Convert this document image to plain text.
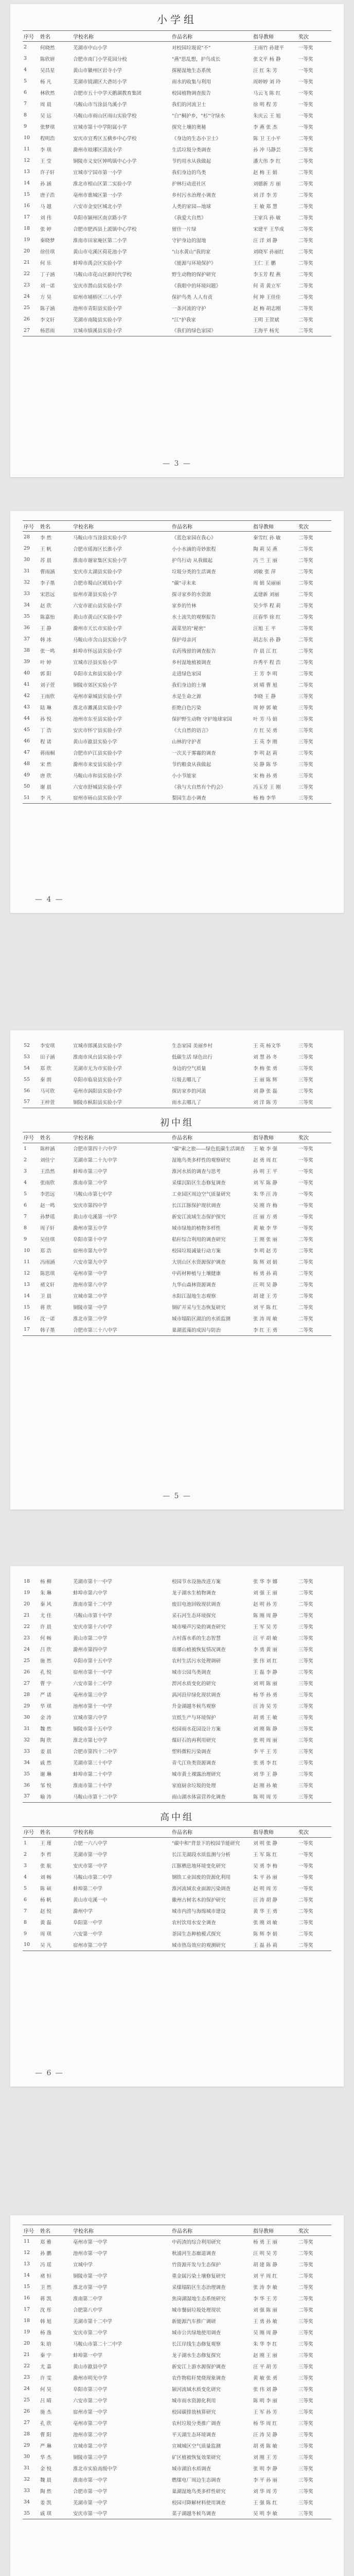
小学组
序号	姓名	学校名称	作品名称	指导教师	奖次
2	何晓然	芜湖市中山小学	对校园垃圾说"不"	王雨竹 孙建平	一等奖
3	陈欣妍	合肥市南门小学花园分校	"燕"思乱想，护鸟成长	张文平 杨 静	一等奖
4	吴昌星	黄山市徽州区岩寺小学	探秘湿地生态系统	汪 红 朱 芳	一等奖
5	杨 凡	芜湖市镜湖区大砻坊小学	雨水的收集与利用	周婷婷 刘 玲	一等奖
6	林欣然	合肥市五十中学天鹅湖教育集团	校园植物调查报告	马云飞 陈 红	一等奖
7	周 晨	马鞍山市当涂县乌溪小学	我们的河流卫士	徐 明 程 芳	一等奖
8	吴 远	马鞍山市雨山区雨山实验学校	"白"桐护乡，"杉"守绿水	朱庆云 王 旭	一等奖
9	张梦琪	宣城市第十中学附属小学	探究土壤的奥秘	李 燕 张 杰	一等奖
10	程明浩	安庆市宜秀区五横乡中心学校	《身边的生态小卫士》	陈 卫 王小平	二等奖
11	李 琪	滁州市琅琊区清流小学	生活垃圾分类调查	孙 冲 马静芸	二等奖
12	王 莹	铜陵市义安区钟鸣镇中心小学	节约用水从我做起	潘大伟 李 红	二等奖
13	许子轩	宣城市宁国市第一小学	我们身边的鸟类	赵 梅 王 娟	二等奖
14	孙 涵	淮北市相山区第二实验小学	护林行动进社区	刘德新 方 丽	二等奖
15	唐子浩	亳州市谯城区第一小学	乡村污水治理小调查	刘 洋 李 芳	二等奖
16	马 越	六安市金安区城北小学	人类的家园—地球	王 敏 郑 慧	二等奖
17	刘 伟	阜阳市颍州区南京路小学	《我爱大自然》	王家兵 孙 敏	二等奖
18	张 婷	合肥市肥西县上派镇中心学校	留住一片绿	宋建平 王华成	二等奖
19	秦晓梦	淮南市田家庵区第二小学	守护身边的湿地	汪 洋 刘 静	二等奖
20	徐佳琪	黄山市屯溪区荷花池小学	"山水黄山"我的家	刘晓军 孙丽红	二等奖
21	何 乐	蚌埠市禹会区实验小学	《能源与环境保护》	王仁 王 鹏	二等奖
22	丁子涵	马鞍山市花山区新时代学校	野生动物的保护研究	李玉芳 程 燕	二等奖
23	刘一诺	安庆市潜山县实验小学	《我眼中的环境问题》	何 青 黄立军	二等奖
24	方 昊	宿州市埇桥区三八小学	保护鸟类 人人有责	何 坤 王佳佳	二等奖
25	陈子涵	池州市青阳县实验小学	一条河流的守护	赵 梅 胡志刚	二等奖
26	李文轩	芜湖市南陵县实验小学	"江"护我家	王明 王贺斌	二等奖
27	杨思雨	宣城市绩溪县实验小学	《我们的绿色家园》	王海平 杨光	二等奖
— 3 —
序号	姓名	学校名称	作品名称	指导教师	奖次
28	李 然	马鞍山市当涂县实验小学	《蓝色家园在我心》	秦雪红 孙 敏	二等奖
29	王 帆	合肥市瑶海区长淮小学	小小水滴的奇妙旅程	陶 莉 吴 燕	二等奖
30	苏 晨	淮南市谢家集区实验小学	护鸟行动 从我做起	冯 兰 王 丽	二等奖
31	曹雨涵	安庆市太湖县实验小学	垃圾分类的生活调查	刘敏 张 萍	二等奖
32	李子墨	合肥市蜀山区琥珀小学	"碳"寻未来	周 娟 吴丽丽	二等奖
33	宋思远	宿州市萧县实验小学	探寻家乡的水资源	孟建新 刘丽	二等奖
34	赵 欣	六安市霍山县实验小学	家乡的竹林	吴少华 程 莉	二等奖
35	陈嘉怡	黄山市黄山区实验小学	水土流失的观察报告	汪春华 徐 红	二等奖
36	王 静	滁州市天长市实验小学	蔬菜里的"秘密"	汪旭 王 平	二等奖
37	韩 冰	马鞍山市含山县实验小学	保护母亲河	胡志东 孙 静	二等奖
38	张一鸣	蚌埠市怀远县实验小学	农药残留的调查报告	许 晨 江 红	二等奖
39	叶 婷	宣城市泾县实验小学	乡村湿地植被调查	许秀平 程 浩	二等奖
40	郭 阳	阜阳市太和县实验小学	走进绿色家园	王 芳 李 明	二等奖
41	刘子萱	铜陵市郊区实验小学	我们身边的土壤	刘 晴 曹 旭	二等奖
42	王雨欣	亳州市蒙城县实验小学	水是生命之源	李晓 王 静	三等奖
43	陆 琳	淮北市濉溪县实验小学	拒绝白色污染	周 婷 郭 敏	三等奖
44	孙 悦	池州市东至县实验小学	保护野生动物 守护地球家园	叶 芳 马 娟	三等奖
45	丁 浩	安庆市怀宁县实验小学	《大自然的语言》	方 红 吴 勇	三等奖
46	程 诺	黄山市歙县实验小学	山林的守护者	王 英 李 刚	三等奖
47	蒋雨桐	合肥市庐江县实验小学	一次关于雾霾的调查	李 明 赵 莉	三等奖
48	宋 然	滁州市来安县实验小学	节约粮食从我做起	吴 静 陈 华	三等奖
49	唐 欣	马鞍山市和县实验小学	小小节能家	宋 梅 孙 勇	三等奖
50	谢 晨	六安市舒城县实验小学	《我与大自然有个约会》	冯玉芳 王 刚	三等奖
51	李 凡	宿州市砀山县实验小学	梨园生态小调查	杨 梅 李华	三等奖
— 4 —
52	李安琪	宣城市郎溪县实验小学	生态家园 美丽乡村	王 英 杨文华	三等奖
53	田子涵	淮南市凤台县实验小学	低碳生活 绿色出行	刘 慧 孙 冬	三等奖
54	郑 欣	芜湖市无为市实验小学	身边的空气质量	李 梅 张 勇	三等奖
55	秦 朗	阜阳市临泉县实验小学	垃圾去哪儿了	王 丽 陈 辉	三等奖
56	马可欣	亳州市涡阳县实验小学	探访家乡的河流	刘 静 张 磊	三等奖
57	王梓萱	铜陵市枞阳县实验小学	雨水去哪儿了	刘 洋 陈 芳	三等奖
初中组
序号	姓名	学校名称	作品名称	指导教师	奖次
1	陈梓涵	合肥市第四十六中学	"碳"索之旅——绿色低碳生活调查	王 敏 李 强	一等奖
2	刘佳宁	芜湖市第二十九中学	湿地鸟类多样性的观察研究	赵 勇 周 红	一等奖
3	王浩然	蚌埠市第三中学	淮河水质的调查与思考	孙 明 王 平	一等奖
4	张雨欣	淮南市第二中学	采煤沉陷区生态修复调查	刘 军 陈 静	一等奖
5	李思远	马鞍山市第七中学	工业园区周边空气质量研究	朱 华 汪 涛	一等奖
6	赵一鸣	安庆市第四中学	长江江豚保护现状调查	吴 刚 许 梅	一等奖
7	孙梦瑶	黄山市屯溪第一中学	新安江流域生态保护探究	汪 丽 方 勇	一等奖
8	周子轩	滁州市第五中学	城市绿地的植物多样性	黄 敏 李 华	一等奖
9	吴佳琪	阜阳市第十中学	秸秆综合利用的调查研究	王 刚 张 丽	二等奖
10	郑 浩	宿州市第九中学	校园垃圾减量行动方案	李 明 赵 芳	二等奖
11	冯雨涵	六安市第九中学	大别山区水资源保护调查	陈 辉 刘 娟	二等奖
12	陈思琪	亳州市第一中学	中药材种植与土壤健康	杨 勇 孙 莉	二等奖
13	褚文轩	池州市第八中学	九华山森林资源调查	汪 明 吴 静	二等奖
14	卫 晨	宣城市第二中学	水阳江湿地生态观察	胡 建 王 芳	二等奖
15	蒋 欣	铜陵市第一中学	铜矿开采与生态恢复研究	刘 平 陈 红	二等奖
16	沈一诺	淮北市第二中学	城市塌陷区湖泊的水质监测	张 涛 周 敏	二等奖
17	韩子墨	合肥市第三十八中学	巢湖蓝藻的成因与防治	李 红 王 勇	二等奖
— 5 —
18	杨 柳	芜湖市第十一中学	校园节水设施改进方案	张 华 李 娜	二等奖
19	朱 琳	蚌埠市第六中学	龙子湖水生植物调查	刘 强 王 丽	二等奖
20	秦 风	淮南市第十二中学	废旧电池回收现状调查	赵 明 孙 芳	二等奖
21	尤 佳	马鞍山市第十中学	采石河生态环境探究	陈 刚 周 静	二等奖
22	许 晨	安庆市第十六中学	城市噪声污染的调查研究	王 军 吴 芳	三等奖
23	何 畅	黄山市第二中学	古村落水系的生态智慧	汪 平 胡 敏	三等奖
24	吕 欣	滁州市第四中学	琅琊山植被恢复情况调查	李 勇 黄 丽	三等奖
25	施 然	阜阳市第十五中学	农村生活污水处理调研	张 伟 刘 红	三等奖
26	孔 悦	宿州市第十一中学	城市公园鸟类调查	王 磊 李 静	三等奖
27	曹 宇	六安市第十二中学	淠河水质变化的研究	刘 明 陈 丽	三等奖
28	严 诺	亳州市第三中学	涡河沿岸绿化现状调查	杨 华 孙 勇	三等奖
29	华 琪	池州市第十一中学	升金湖越冬候鸟观察	汪 涛 吴 芳	三等奖
30	金 涛	宣城市第六中学	宣纸生产与环境保护	胡 勇 王 敏	三等奖
31	魏 然	铜陵市第十五中学	校园雨水花园设计方案	刘 刚 陈 静	三等奖
32	陶 欣	淮北市第七中学	煤矸石的再利用研究	张 明 周 丽	三等奖
33	姜 晨	合肥市第四十二中学	塑料微粒污染调查	李 平 王 芳	三等奖
34	戚 然	芜湖市第三十中学	青弋江鱼类资源调查	张 勇 李 红	三等奖
35	谢 琳	蚌埠市第二十中学	城市黄土裸露治理研究	刘 华 王 静	三等奖
36	邹 悦	淮南市第二十中学	家庭厨余垃圾的处理	赵 刚 孙 敏	三等奖
37	喻 涛	马鞍山市第十二中学	雨山湖水体富营养化调查	陈 明 周 芳	三等奖
高中组
序号	姓名	学校名称	作品名称	指导教师	奖次
1	王 瑾	合肥一六八中学	"碳中和"背景下的校园节能研究	刘 明 张 静	一等奖
2	李 哲	芜湖市第一中学	长江芜湖段水质监测与分析	王 军 陈 红	一等奖
3	张 航	安庆市第一中学	江豚栖息地环境变化研究	吴 勇 李 梅	一等奖
4	刘 畅	马鞍山市第二中学	钢铁工业固废的资源化利用	朱 平 孙 丽	一等奖
5	陈 硕	蚌埠第二中学	淮河流域农业面源污染调查	赵 明 周 芳	一等奖
6	杨 帆	黄山市屯溪一中	徽州古树名木的保护研究	汪 涛 胡 静	二等奖
7	赵 悦	滁州中学	城市内涝与海绵城市建设	黄 华 王 勇	二等奖
8	黄 磊	阜阳第一中学	农村饮用水安全调查	张 刚 刘 敏	二等奖
9	周 琪	六安第一中学	茶园生态种植模式探究	陈 辉 李 娟	二等奖
10	吴 凡	宿州市第二中学	城市热岛效应的观测研究	王 磊 孙 莉	二等奖
— 6 —
序号	姓名	学校名称	作品名称	指导教师	奖次
11	郑 雅	亳州市第一中学	中药渣的综合利用研究	杨 勇 王 丽	二等奖
12	孙 鹏	池州市第一中学	秋浦河生态廊道调查	汪 明 吴 芳	二等奖
13	冯 瑶	宣城中学	竹资源开发与生态保护	胡 建 陈 静	二等奖
14	褚 恒	铜陵市第一中学	重金属污染土壤修复研究	刘 平 周 红	二等奖
15	卫 然	淮北市第一中学	采煤塌陷区生态治理调查	张 涛 李 敏	二等奖
16	蒋 凯	淮南第二中学	焦岗湖湿地生态系统研究	李 华 王 芳	二等奖
17	沈 彤	合肥第八中学	城市餐厨垃圾处理现状	刘 强 陈 丽	二等奖
18	韩 旭	芜湖市第十二中学	新能源汽车推广调研	王 勇 孙 敏	三等奖
19	杨 逸	安庆市第二中学	城市公共绿地使用调查	吴 刚 周 静	三等奖
20	朱 晗	马鞍山市第二十二中学	长江岸线生态修复观察	朱 华 李 红	三等奖
21	秦 宇	蚌埠第一中学	龙子湖水生态修复探究	赵 刚 王 丽	三等奖
22	尤 嘉	黄山市歙县中学	新安江上游水源保护调查	汪 平 胡 芳	三等奖
23	许 雯	滁州市明光中学	农作物秸秆焚烧现象调查	黄 敏 张 勇	三等奖
24	何 昊	阜阳市第三中学	颍河流域水质变化研究	张 伟 刘 静	三等奖
25	吕 晴	六安市第二中学	城市雨水资源化利用	陈 明 李 丽	三等奖
26	施 杰	宿州市第一中学	校园碳排放核算研究	王 军 孙 芳	三等奖
27	孔 欣	亳州市第二中学	农村垃圾分类推广调查	杨 华 周 红	三等奖
28	曹 阳	池州市第二中学	平天湖生态环境调查	汪 涛 吴 静	三等奖
29	严 琳	宣城市第二中学	宣城城区空气质量监测	胡 勇 陈 敏	三等奖
30	华 杰	铜陵市第三中学	矿区植被恢复效果研究	刘 刚 王 芳	三等奖
31	金 悦	淮北市实验高级中学	城市湖泊水质调查	张 明 李 静	三等奖
32	魏 晨	淮南市第一中学	燃煤电厂周边生态调查	李 平 孙 丽	三等奖
33	陶 然	合肥市第一中学	巢湖湿地鸟类多样性研究	刘 华 周 芳	三等奖
34	姜 凯	芜湖市第一中学	校园可降解材料使用调查	王 强 陈 红	三等奖
35	戚 琪	安庆市第一中学	菜子湖越冬候鸟调查	吴 明 李 敏	三等奖
